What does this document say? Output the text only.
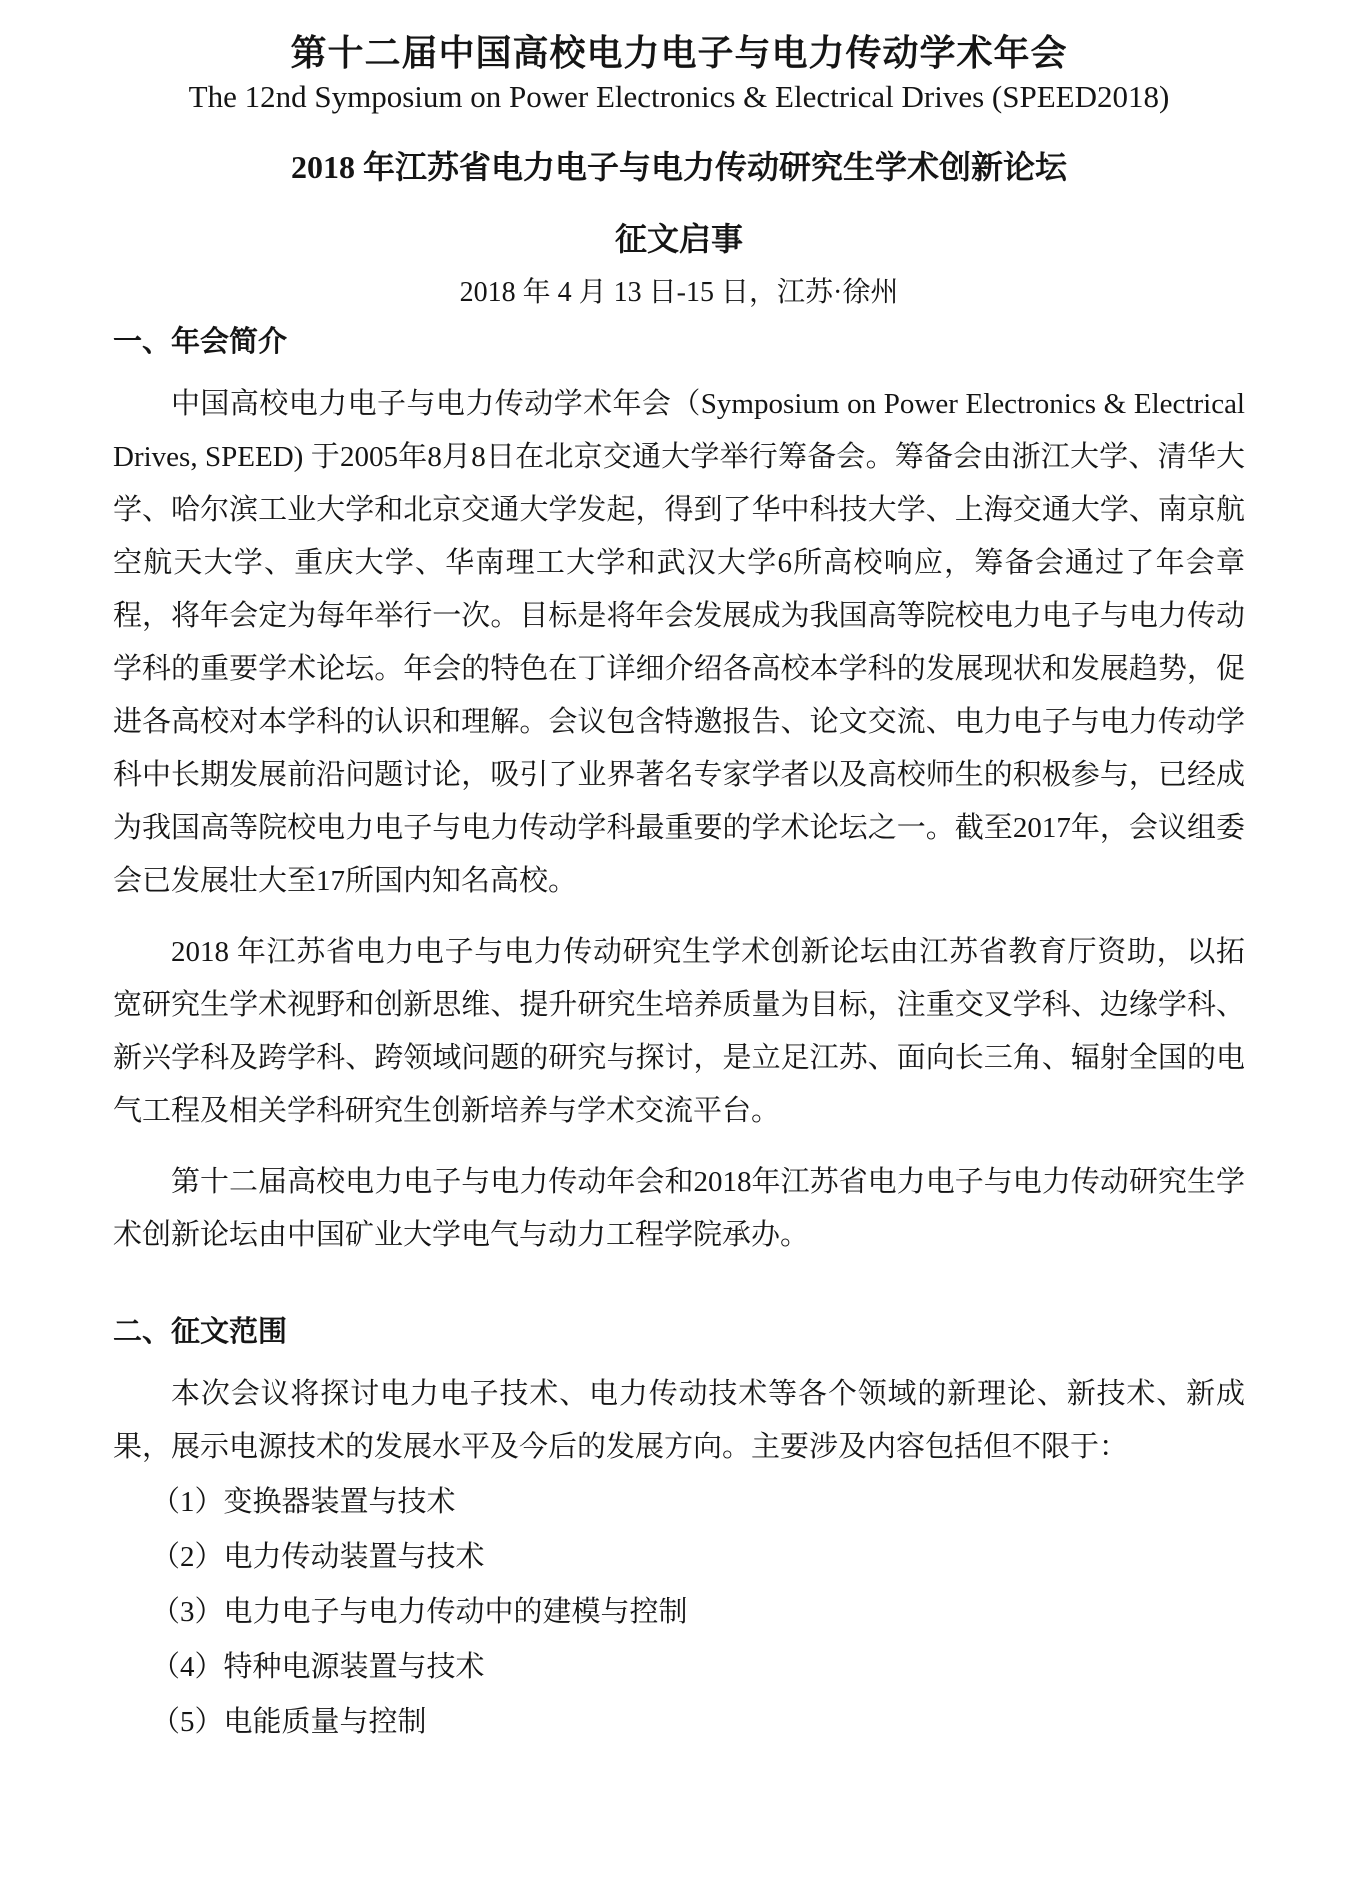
第十二届中国高校电力电子与电力传动学术年会
The 12nd Symposium on Power Electronics & Electrical Drives (SPEED2018)
2018 年江苏省电力电子与电力传动研究生学术创新论坛
征文启事
2018 年 4 月 13 日-15 日，江苏·徐州
一、年会简介

中国高校电力电子与电力传动学术年会（Symposium on Power Electronics & Electrical Drives, SPEED) 于2005年8月8日在北京交通大学举行筹备会。筹备会由浙江大学、清华大学、哈尔滨工业大学和北京交通大学发起，得到了华中科技大学、上海交通大学、南京航空航天大学、重庆大学、华南理工大学和武汉大学6所高校响应，筹备会通过了年会章程，将年会定为每年举行一次。目标是将年会发展成为我国高等院校电力电子与电力传动学科的重要学术论坛。年会的特色在丁详细介绍各高校本学科的发展现状和发展趋势，促进各高校对本学科的认识和理解。会议包含特邀报告、论文交流、电力电子与电力传动学科中长期发展前沿问题讨论，吸引了业界著名专家学者以及高校师生的积极参与，已经成为我国高等院校电力电子与电力传动学科最重要的学术论坛之一。截至2017年，会议组委会已发展壮大至17所国内知名高校。

2018 年江苏省电力电子与电力传动研究生学术创新论坛由江苏省教育厅资助，以拓宽研究生学术视野和创新思维、提升研究生培养质量为目标，注重交叉学科、边缘学科、新兴学科及跨学科、跨领域问题的研究与探讨，是立足江苏、面向长三角、辐射全国的电气工程及相关学科研究生创新培养与学术交流平台。

第十二届高校电力电子与电力传动年会和2018年江苏省电力电子与电力传动研究生学术创新论坛由中国矿业大学电气与动力工程学院承办。

二、征文范围

本次会议将探讨电力电子技术、电力传动技术等各个领域的新理论、新技术、新成果，展示电源技术的发展水平及今后的发展方向。主要涉及内容包括但不限于：

（1）变换器装置与技术
（2）电力传动装置与技术
（3）电力电子与电力传动中的建模与控制
（4）特种电源装置与技术
（5）电能质量与控制
